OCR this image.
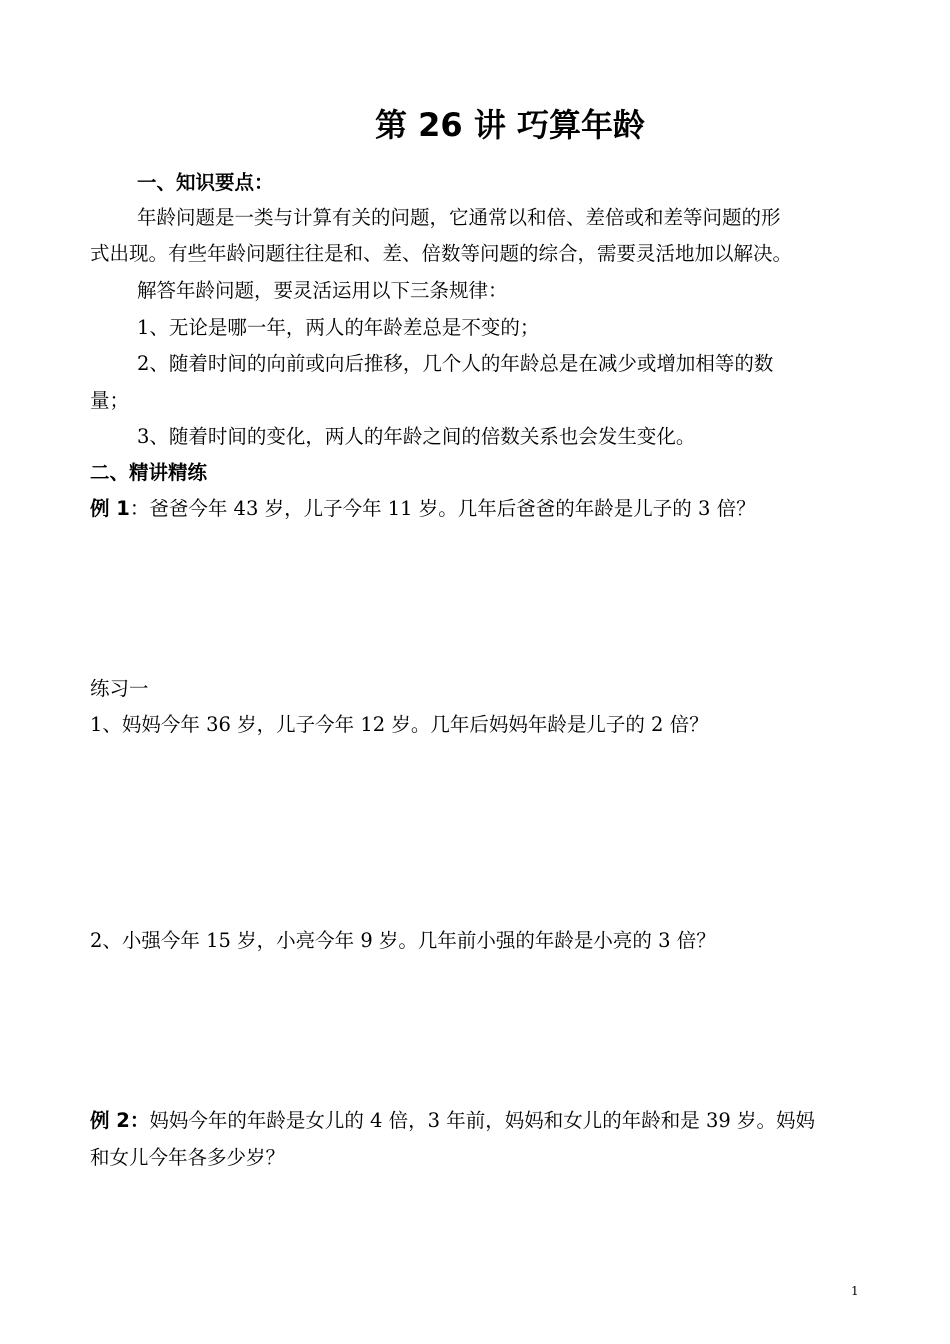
第 26 讲 巧算年龄
一、知识要点：
年龄问题是一类与计算有关的问题，它通常以和倍、差倍或和差等问题的形
式出现。有些年龄问题往往是和、差、倍数等问题的综合，需要灵活地加以解决。
解答年龄问题，要灵活运用以下三条规律：
1、无论是哪一年，两人的年龄差总是不变的；
2、随着时间的向前或向后推移，几个人的年龄总是在减少或增加相等的数
量；
3、随着时间的变化，两人的年龄之间的倍数关系也会发生变化。
二、精讲精练
例 1：爸爸今年 43 岁，儿子今年 11 岁。几年后爸爸的年龄是儿子的 3 倍？
练习一
1、妈妈今年 36 岁，儿子今年 12 岁。几年后妈妈年龄是儿子的 2 倍？
2、小强今年 15 岁，小亮今年 9 岁。几年前小强的年龄是小亮的 3 倍？
例 2：妈妈今年的年龄是女儿的 4 倍，3 年前，妈妈和女儿的年龄和是 39 岁。妈妈
和女儿今年各多少岁？
1
